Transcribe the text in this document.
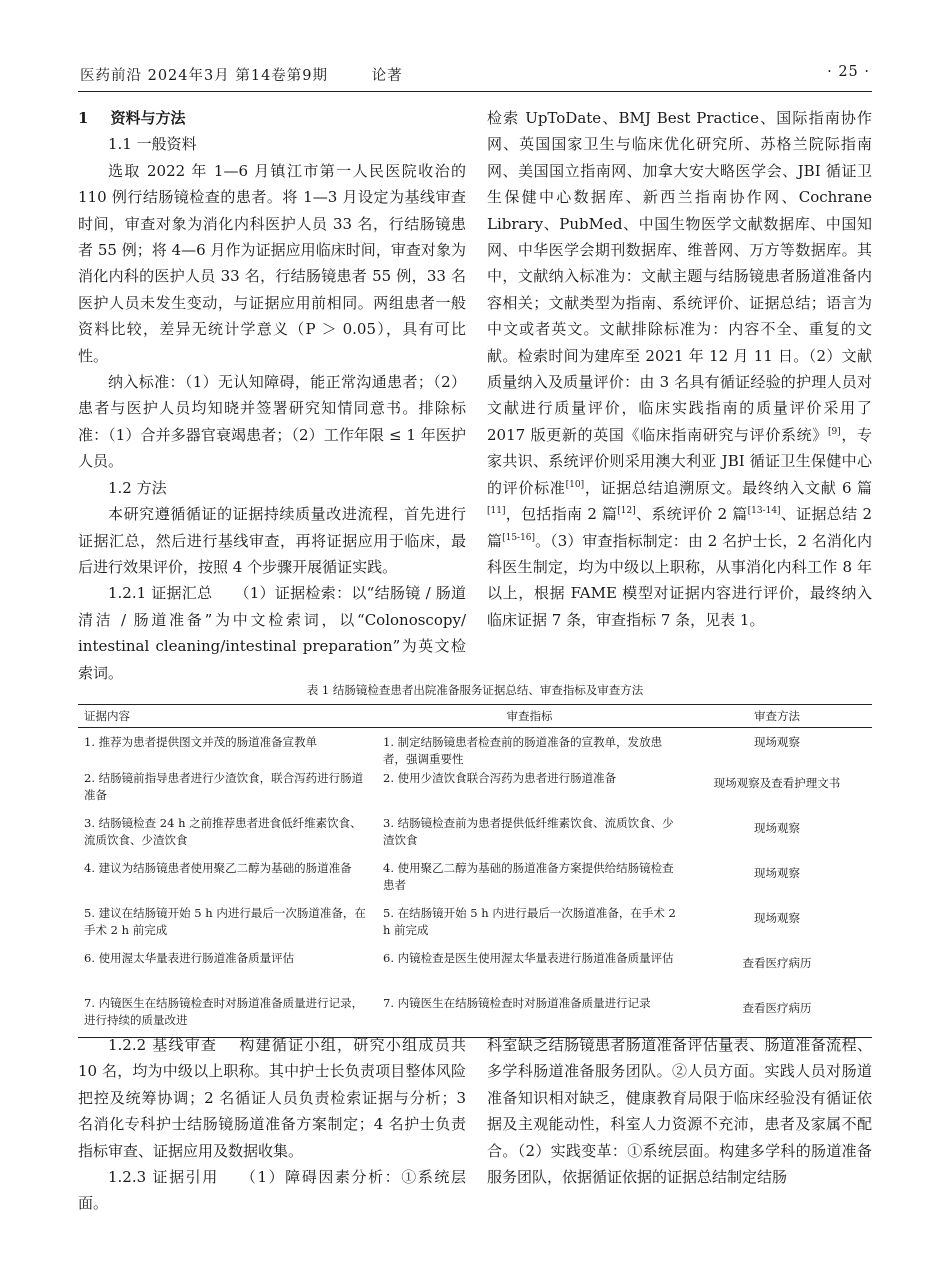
医药前沿 2024年3月 第14卷第9期	论著	· 25 ·

1 资料与方法

1.1 一般资料

选取 2022 年 1—6 月镇江市第一人民医院收治的 110 例行结肠镜检查的患者。将 1—3 月设定为基线审查时间，审查对象为消化内科医护人员 33 名，行结肠镜患者 55 例；将 4—6 月作为证据应用临床时间，审查对象为消化内科的医护人员 33 名，行结肠镜患者 55 例，33 名医护人员未发生变动，与证据应用前相同。两组患者一般资料比较，差异无统计学意义（P ＞ 0.05），具有可比性。

纳入标准：（1）无认知障碍，能正常沟通患者；（2）患者与医护人员均知晓并签署研究知情同意书。排除标准：（1）合并多器官衰竭患者；（2）工作年限 ≤ 1 年医护人员。

1.2 方法

本研究遵循循证的证据持续质量改进流程，首先进行证据汇总，然后进行基线审查，再将证据应用于临床，最后进行效果评价，按照 4 个步骤开展循证实践。

1.2.1 证据汇总 （1）证据检索：以“结肠镜 / 肠道清洁 / 肠道准备”为中文检索词，以“Colonoscopy/ intestinal cleaning/intestinal preparation”为英文检索词。

检索 UpToDate、BMJ Best Practice、国际指南协作网、英国国家卫生与临床优化研究所、苏格兰院际指南网、美国国立指南网、加拿大安大略医学会、JBI 循证卫生保健中心数据库、新西兰指南协作网、Cochrane Library、PubMed、中国生物医学文献数据库、中国知网、中华医学会期刊数据库、维普网、万方等数据库。其中，文献纳入标准为：文献主题与结肠镜患者肠道准备内容相关；文献类型为指南、系统评价、证据总结；语言为中文或者英文。文献排除标准为：内容不全、重复的文献。检索时间为建库至 2021 年 12 月 11 日。（2）文献质量纳入及质量评价：由 3 名具有循证经验的护理人员对文献进行质量评价，临床实践指南的质量评价采用了 2017 版更新的英国《临床指南研究与评价系统》[9]，专家共识、系统评价则采用澳大利亚 JBI 循证卫生保健中心的评价标准[10]，证据总结追溯原文。最终纳入文献 6 篇[11]，包括指南 2 篇[12]、系统评价 2 篇[13-14]、证据总结 2 篇[15-16]。（3）审查指标制定：由 2 名护士长，2 名消化内科医生制定，均为中级以上职称，从事消化内科工作 8 年以上，根据 FAME 模型对证据内容进行评价，最终纳入临床证据 7 条，审查指标 7 条，见表 1。

表 1 结肠镜检查患者出院准备服务证据总结、审查指标及审查方法
证据内容	审查指标	审查方法
1. 推荐为患者提供图文并茂的肠道准备宣教单	1. 制定结肠镜患者检查前的肠道准备的宣教单，发放患者，强调重要性	现场观察
2. 结肠镜前指导患者进行少渣饮食，联合泻药进行肠道准备	2. 使用少渣饮食联合泻药为患者进行肠道准备	现场观察及查看护理文书
3. 结肠镜检查 24 h 之前推荐患者进食低纤维素饮食、流质饮食、少渣饮食	3. 结肠镜检查前为患者提供低纤维素饮食、流质饮食、少渣饮食	现场观察
4. 建议为结肠镜患者使用聚乙二醇为基础的肠道准备	4. 使用聚乙二醇为基础的肠道准备方案提供给结肠镜检查患者	现场观察
5. 建议在结肠镜开始 5 h 内进行最后一次肠道准备，在手术 2 h 前完成	5. 在结肠镜开始 5 h 内进行最后一次肠道准备，在手术 2 h 前完成	现场观察
6. 使用渥太华量表进行肠道准备质量评估	6. 内镜检查是医生使用渥太华量表进行肠道准备质量评估	查看医疗病历
7. 内镜医生在结肠镜检查时对肠道准备质量进行记录，进行持续的质量改进	7. 内镜医生在结肠镜检查时对肠道准备质量进行记录	查看医疗病历

1.2.2 基线审查 构建循证小组，研究小组成员共 10 名，均为中级以上职称。其中护士长负责项目整体风险把控及统筹协调；2 名循证人员负责检索证据与分析；3 名消化专科护士结肠镜肠道准备方案制定；4 名护士负责指标审查、证据应用及数据收集。

1.2.3 证据引用 （1）障碍因素分析：①系统层面。

科室缺乏结肠镜患者肠道准备评估量表、肠道准备流程、多学科肠道准备服务团队。②人员方面。实践人员对肠道准备知识相对缺乏，健康教育局限于临床经验没有循证依据及主观能动性，科室人力资源不充沛，患者及家属不配合。（2）实践变革：①系统层面。构建多学科的肠道准备服务团队，依据循证依据的证据总结制定结肠
